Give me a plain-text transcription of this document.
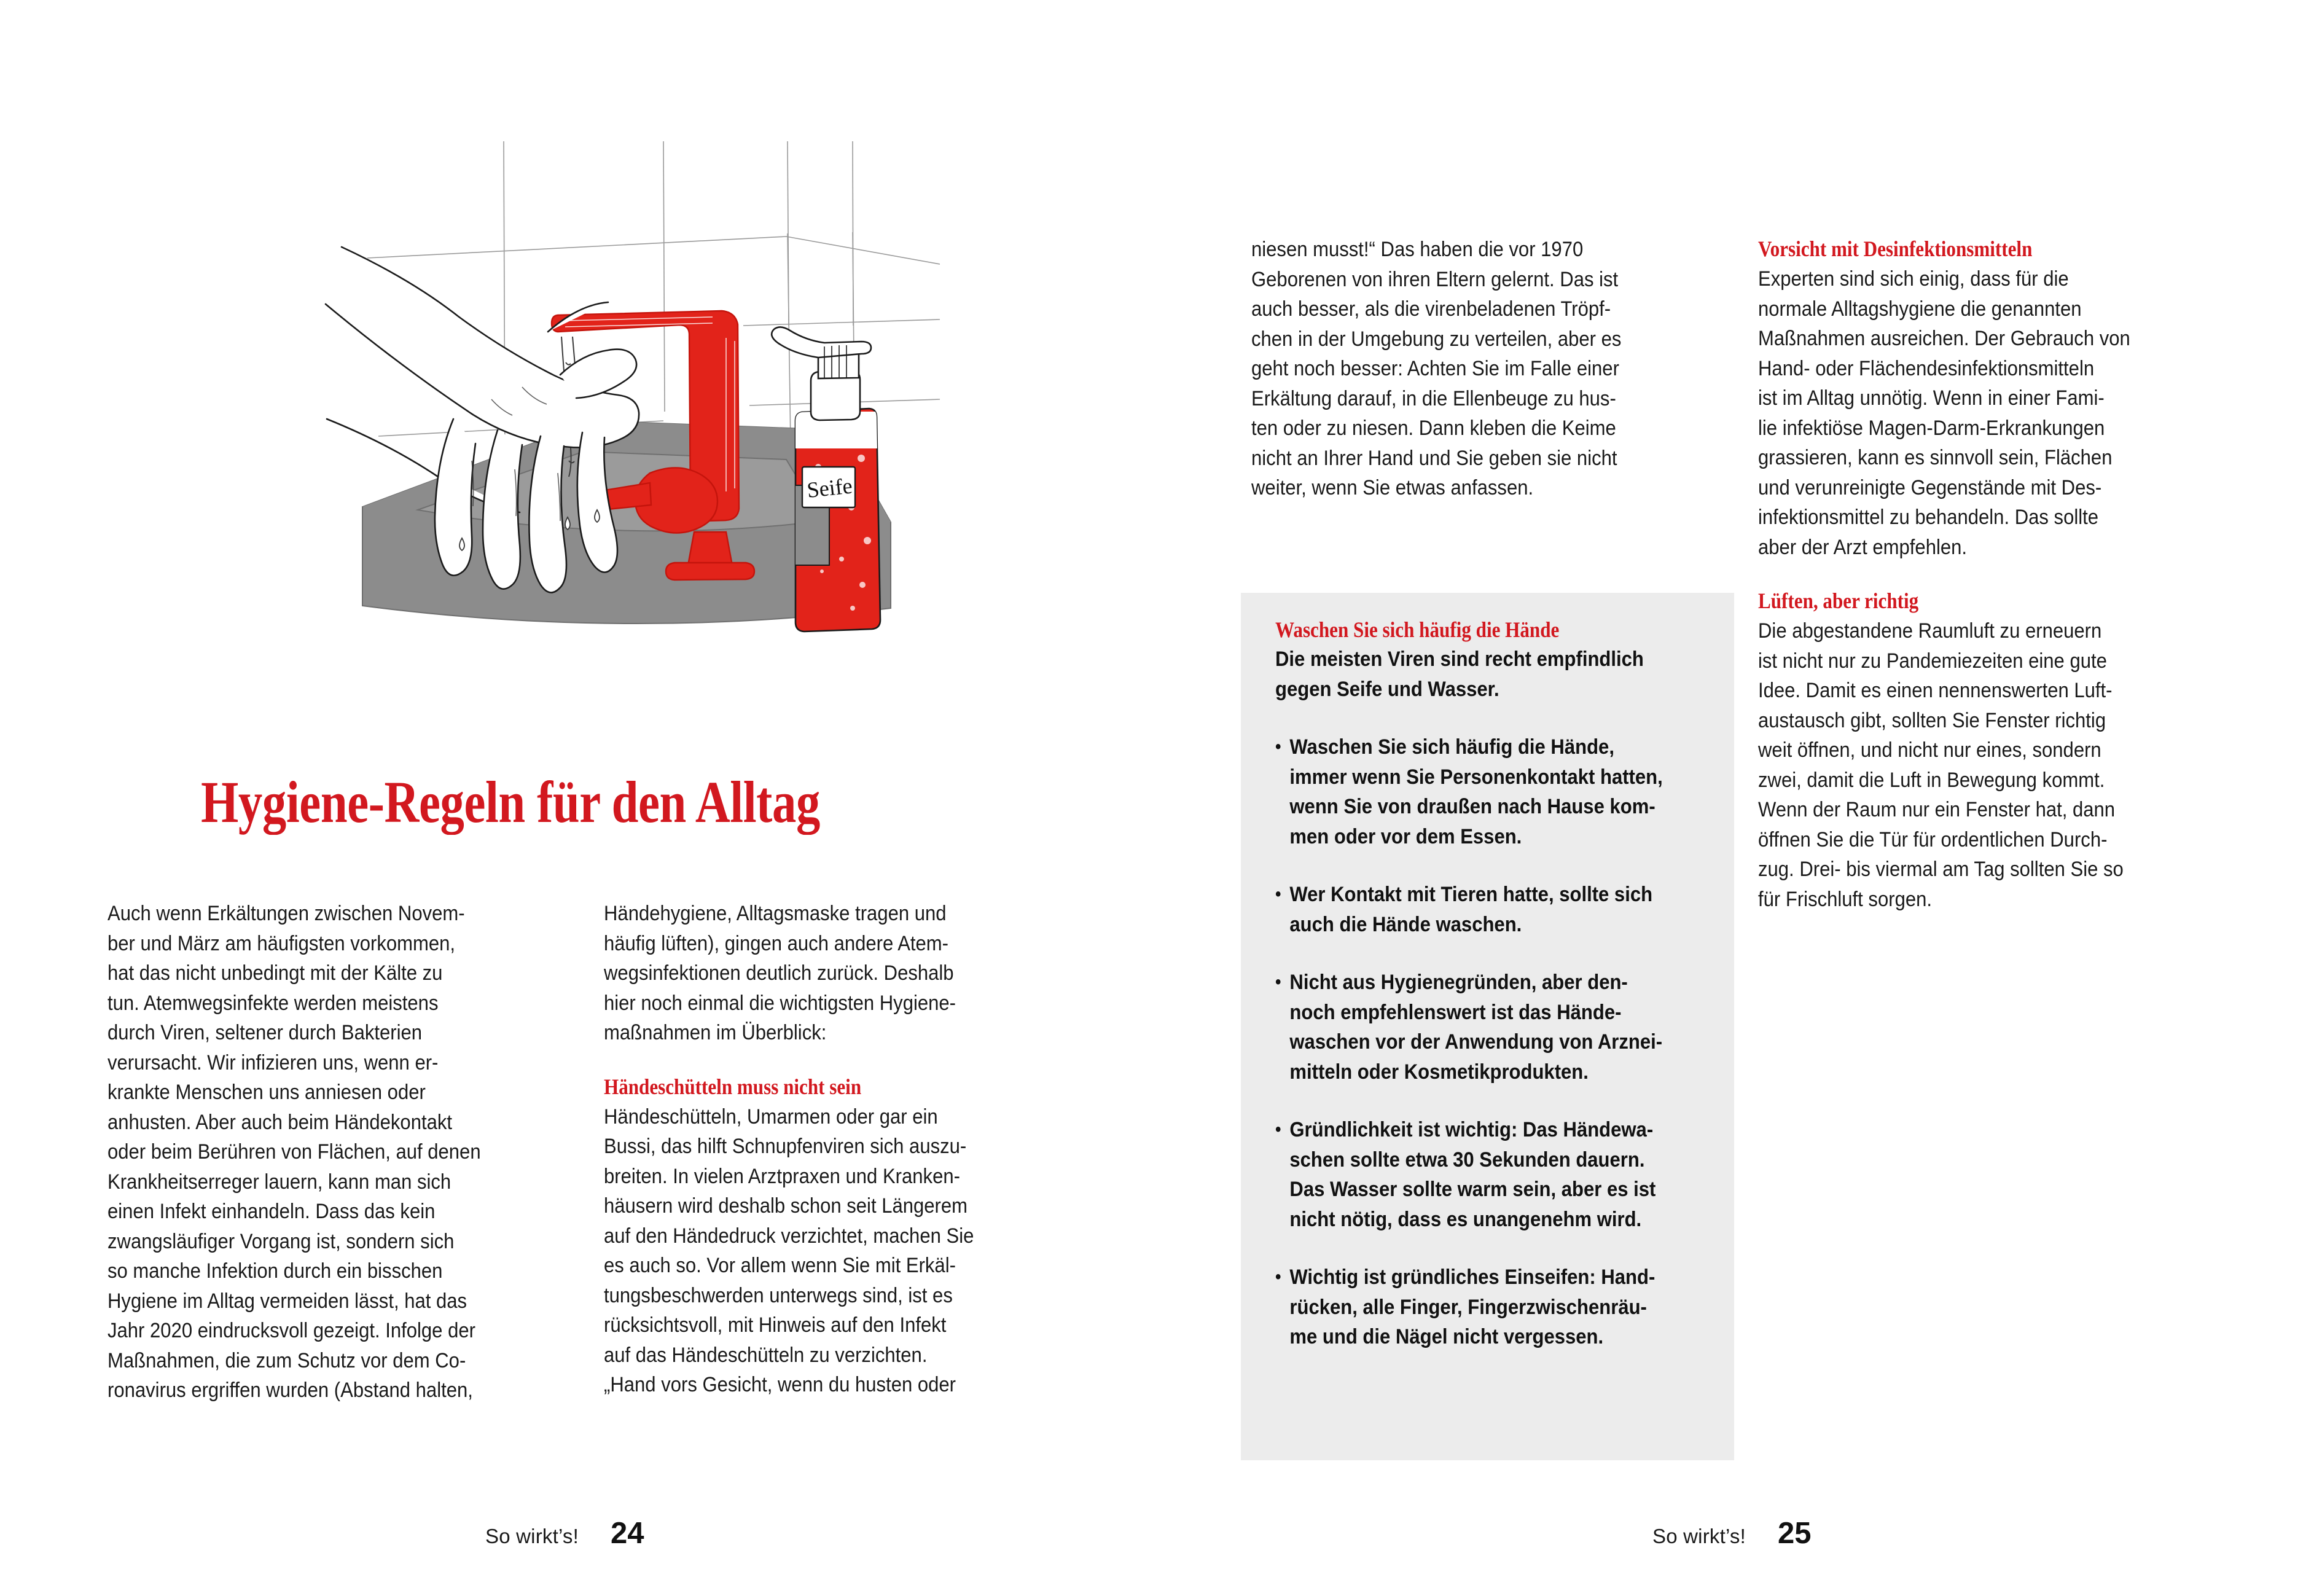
Seife
Hygiene-Regeln für den Alltag

Auch wenn Erkältungen zwischen Novem-

ber und März am häufigsten vorkommen,

hat das nicht unbedingt mit der Kälte zu

tun. Atemwegsinfekte werden meistens

durch Viren, seltener durch Bakterien

verursacht. Wir infizieren uns, wenn er-

krankte Menschen uns anniesen oder

anhusten. Aber auch beim Händekontakt

oder beim Berühren von Flächen, auf denen

Krankheitserreger lauern, kann man sich

einen Infekt einhandeln. Dass das kein

zwangsläufiger Vorgang ist, sondern sich

so manche Infektion durch ein bisschen

Hygiene im Alltag vermeiden lässt, hat das

Jahr 2020 eindrucksvoll gezeigt. Infolge der

Maßnahmen, die zum Schutz vor dem Co-

ronavirus ergriffen wurden (Abstand halten,

Händehygiene, Alltagsmaske tragen und

häufig lüften), gingen auch andere Atem-

wegsinfektionen deutlich zurück. Deshalb

hier noch einmal die wichtigsten Hygiene-

maßnahmen im Überblick:

Händeschütteln muss nicht sein

Händeschütteln, Umarmen oder gar ein

Bussi, das hilft Schnupfenviren sich auszu-

breiten. In vielen Arztpraxen und Kranken-

häusern wird deshalb schon seit Längerem

auf den Händedruck verzichtet, machen Sie

es auch so. Vor allem wenn Sie mit Erkäl-

tungsbeschwerden unterwegs sind, ist es

rücksichtsvoll, mit Hinweis auf den Infekt

auf das Händeschütteln zu verzichten.

„Hand vors Gesicht, wenn du husten oder

niesen musst!“ Das haben die vor 1970

Geborenen von ihren Eltern gelernt. Das ist

auch besser, als die virenbeladenen Tröpf-

chen in der Umgebung zu verteilen, aber es

geht noch besser: Achten Sie im Falle einer

Erkältung darauf, in die Ellenbeuge zu hus-

ten oder zu niesen. Dann kleben die Keime

nicht an Ihrer Hand und Sie geben sie nicht

weiter, wenn Sie etwas anfassen.

Waschen Sie sich häufig die Hände

Die meisten Viren sind recht empfindlich

gegen Seife und Wasser.

• Waschen Sie sich häufig die Hände,
immer wenn Sie Personenkontakt hatten,
wenn Sie von draußen nach Hause kom-
men oder vor dem Essen.
• Wer Kontakt mit Tieren hatte, sollte sich
auch die Hände waschen.
• Nicht aus Hygienegründen, aber den-
noch empfehlenswert ist das Hände-
waschen vor der Anwendung von Arznei-
mitteln oder Kosmetikprodukten.
• Gründlichkeit ist wichtig: Das Händewa-
schen sollte etwa 30 Sekunden dauern.
Das Wasser sollte warm sein, aber es ist
nicht nötig, dass es unangenehm wird.
• Wichtig ist gründliches Einseifen: Hand-
rücken, alle Finger, Fingerzwischenräu-
me und die Nägel nicht vergessen.
Vorsicht mit Desinfektionsmitteln

Experten sind sich einig, dass für die

normale Alltagshygiene die genannten

Maßnahmen ausreichen. Der Gebrauch von

Hand- oder Flächendesinfektionsmitteln

ist im Alltag unnötig. Wenn in einer Fami-

lie infektiöse Magen-Darm-Erkrankungen

grassieren, kann es sinnvoll sein, Flächen

und verunreinigte Gegenstände mit Des-

infektionsmittel zu behandeln. Das sollte

aber der Arzt empfehlen.

Lüften, aber richtig

Die abgestandene Raumluft zu erneuern

ist nicht nur zu Pandemiezeiten eine gute

Idee. Damit es einen nennenswerten Luft-

austausch gibt, sollten Sie Fenster richtig

weit öffnen, und nicht nur eines, sondern

zwei, damit die Luft in Bewegung kommt.

Wenn der Raum nur ein Fenster hat, dann

öffnen Sie die Tür für ordentlichen Durch-

zug. Drei- bis viermal am Tag sollten Sie so

für Frischluft sorgen.

So wirkt’s! 24	So wirkt’s! 25
